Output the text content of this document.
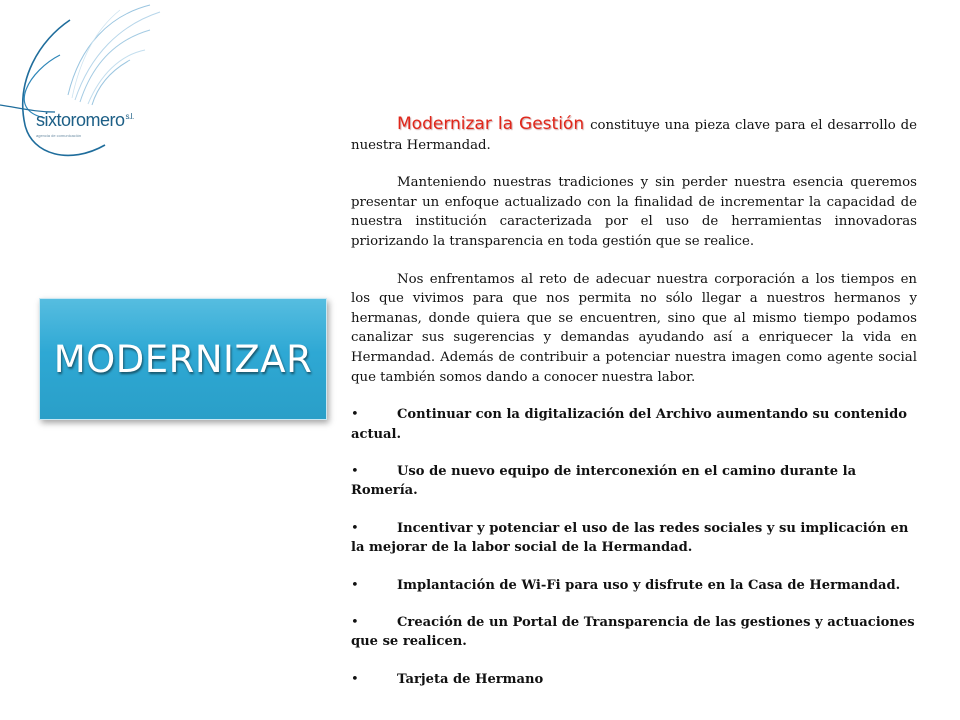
sixtoromero$^{s.l.}$
agencia de comunicación
MODERNIZAR

Modernizar la Gestión constituye una pieza clave para el desarrollo de nuestra Hermandad.

Manteniendo nuestras tradiciones y sin perder nuestra esencia queremos presentar un enfoque actualizado con la finalidad de incrementar la capacidad de nuestra institución caracterizada por el uso de herramientas innovadoras priorizando la transparencia en toda gestión que se realice.

Nos enfrentamos al reto de adecuar nuestra corporación a los tiempos en los que vivimos para que nos permita no sólo llegar a nuestros hermanos y hermanas, donde quiera que se encuentren, sino que al mismo tiempo podamos canalizar sus sugerencias y demandas ayudando así a enriquecer la vida en Hermandad. Además de contribuir a potenciar nuestra imagen como agente social que también somos dando a conocer nuestra labor.

•	Continuar con la digitalización del Archivo aumentando su contenido actual.
•	Uso de nuevo equipo de interconexión en el camino durante la Romería.
•	Incentivar y potenciar el uso de las redes sociales y su implicación en la mejorar de la labor social de la Hermandad.
•	Implantación de Wi-Fi para uso y disfrute en la Casa de Hermandad.
•	Creación de un Portal de Transparencia de las gestiones y actuaciones que se realicen.
•	Tarjeta de Hermano
